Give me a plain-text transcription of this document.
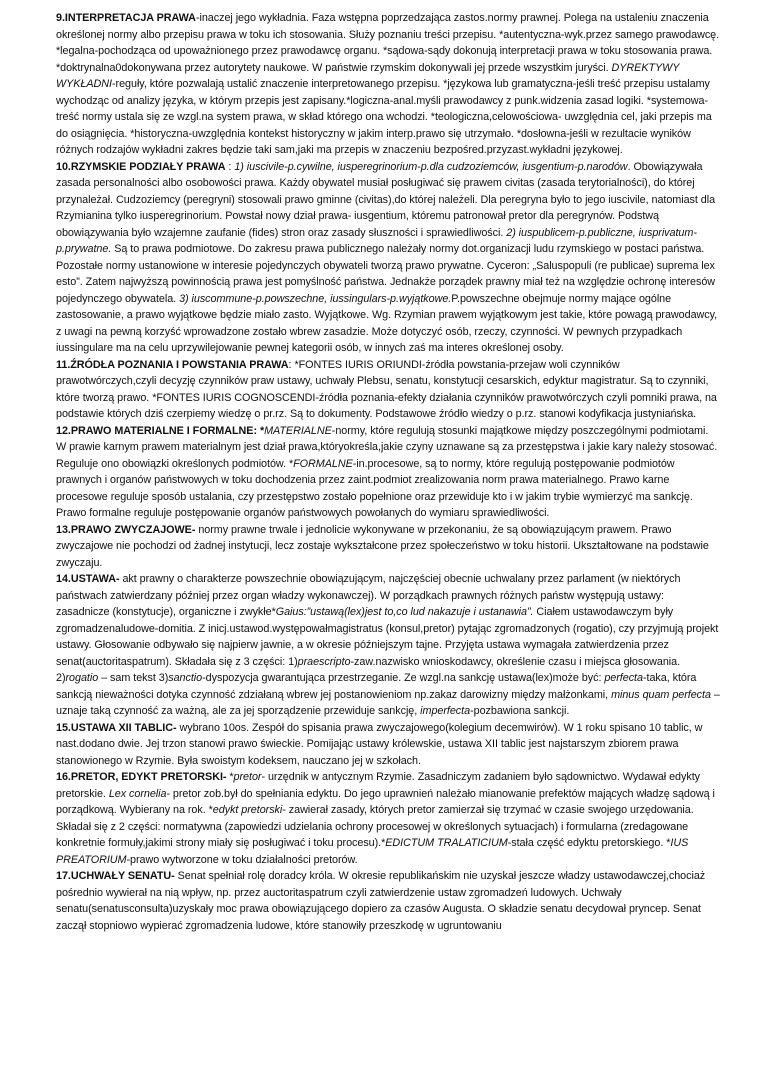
9.INTERPRETACJA PRAWA-inaczej jego wykładnia. Faza wstępna poprzedzająca zastos.normy prawnej. Polega na ustaleniu znaczenia określonej normy albo przepisu prawa w toku ich stosowania. Służy poznaniu treści przepisu. *autentyczna-wyk.przez samego prawodawcę. *legalna-pochodząca od upoważnionego przez prawodawcę organu. *sądowa-sądy dokonują interpretacji prawa w toku stosowania prawa. *doktrynalna0dokonywana przez autorytety naukowe. W państwie rzymskim dokonywali jej przede wszystkim juryści. DYREKTYWY WYKŁADNI-reguły, które pozwalają ustalić znaczenie interpretowanego przepisu. *językowa lub gramatyczna-jeśli treść przepisu ustalamy wychodząc od analizy języka, w którym przepis jest zapisany.*logiczna-anal.myśli prawodawcy z punk.widzenia zasad logiki. *systemowa-treść normy ustala się ze wzgl.na system prawa, w skład którego ona wchodzi. *teologiczna,celowościowa- uwzględnia cel, jaki przepis ma do osiągnięcia. *historyczna-uwzględnia kontekst historyczny w jakim interp.prawo się utrzymało. *dosłowna-jeśli w rezultacie wyników różnych rodzajów wykładni zakres będzie taki sam,jaki ma przepis w znaczeniu bezpośred.przyzast.wykładni językowej.

10.RZYMSKIE PODZIAŁY PRAWA : 1) iuscivile-p.cywilne, iusperegrinorium-p.dla cudzoziemców, iusgentium-p.narodów. Obowiązywała zasada personalności albo osobowości prawa. Każdy obywatel musiał posługiwać się prawem civitas (zasada terytorialności), do której przynależał. Cudzoziemcy (peregryni) stosowali prawo gminne (civitas),do której należeli. Dla peregryna było to jego iuscivile, natomiast dla Rzymianina tylko iusperegrinorium. Powstał nowy dział prawa- iusgentium, któremu patronował pretor dla peregrynów. Podstwą obowiązywania było wzajemne zaufanie (fides) stron oraz zasady słuszności i sprawiedliwości. 2) iuspublicem-p.publiczne, iusprivatum-p.prywatne. Są to prawa podmiotowe. Do zakresu prawa publicznego należały normy dot.organizacji ludu rzymskiego w postaci państwa. Pozostałe normy ustanowione w interesie pojedynczych obywateli tworzą prawo prywatne. Cyceron: „Saluspopuli (re publicae) suprema lex esto”. Zatem najwyższą powinnością prawa jest pomyślność państwa. Jednakże porządek prawny miał też na względzie ochronę interesów pojedynczego obywatela. 3) iuscommune-p.powszechne, iussingulars-p.wyjątkowe.P.powszechne obejmuje normy mające ogólne zastosowanie, a prawo wyjątkowe będzie miało zasto. Wyjątkowe. Wg. Rzymian prawem wyjątkowym jest takie, które powagą prawodawcy, z uwagi na pewną korzyść wprowadzone zostało wbrew zasadzie. Może dotyczyć osób, rzeczy, czynności. W pewnych przypadkach iussingulare ma na celu uprzywilejowanie pewnej kategorii osób, w innych zaś ma interes określonej osoby.

11.ŹRÓDŁA POZNANIA I POWSTANIA PRAWA: *FONTES IURIS ORIUNDI-źródła powstania-przejaw woli czynników prawotwórczych,czyli decyzję czynników praw ustawy, uchwały Plebsu, senatu, konstytucji cesarskich, edyktur magistratur. Są to czynniki, które tworzą prawo. *FONTES IURIS COGNOSCENDI-źródła poznania-efekty działania czynników prawotwórczych czyli pomniki prawa, na podstawie których dziś czerpiemy wiedzę o pr.rz. Są to dokumenty. Podstawowe źródło wiedzy o p.rz. stanowi kodyfikacja justyniańska.

12.PRAWO MATERIALNE I FORMALNE: *MATERIALNE-normy, które regulują stosunki majątkowe między poszczególnymi podmiotami. W prawie karnym prawem materialnym jest dział prawa,któryokreśla,jakie czyny uznawane są za przestępstwa i jakie kary należy stosować. Reguluje ono obowiązki określonych podmiotów. *FORMALNE-in.procesowe, są to normy, które regulują postępowanie podmiotów prawnych i organów państwowych w toku dochodzenia przez zaint.podmiot zrealizowania norm prawa materialnego. Prawo karne procesowe reguluje sposób ustalania, czy przestępstwo zostało popełnione oraz przewiduje kto i w jakim trybie wymierzyć ma sankcję. Prawo formalne reguluje postępowanie organów państwowych powołanych do wymiaru sprawiedliwości.

13.PRAWO ZWYCZAJOWE- normy prawne trwale i jednolicie wykonywane w przekonaniu, że są obowiązującym prawem. Prawo zwyczajowe nie pochodzi od żadnej instytucji, lecz zostaje wykształcone przez społeczeństwo w toku historii. Ukształtowane na podstawie zwyczaju.

14.USTAWA- akt prawny o charakterze powszechnie obowiązującym, najczęściej obecnie uchwalany przez parlament (w niektórych państwach zatwierdzany później przez organ władzy wykonawczej). W porządkach prawnych różnych państw występują ustawy: zasadnicze (konstytucje), organiczne i zwykłe*Gaius:”ustawą(lex)jest to,co lud nakazuje i ustanawia”. Ciałem ustawodawczym były zgromadzenaludowe-domitia. Z inicj.ustawod.występowałmagistratus (konsul,pretor) pytając zgromadzonych (rogatio), czy przyjmują projekt ustawy. Głosowanie odbywało się najpierw jawnie, a w okresie późniejszym tajne. Przyjęta ustawa wymagała zatwierdzenia przez senat(auctoritaspatrum). Składała się z 3 części: 1)praescripto-zaw.nazwisko wnioskodawcy, określenie czasu i miejsca głosowania. 2)rogatio – sam tekst 3)sanctio-dyspozycja gwarantująca przestrzeganie. Ze wzgl.na sankcję ustawa(lex)może być: perfecta-taka, która sankcją nieważności dotyka czynność zdziałaną wbrew jej postanowieniom np.zakaz darowizny między małżonkami, minus quam perfecta – uznaje taką czynność za ważną, ale za jej sporządzenie przewiduje sankcję, imperfecta-pozbawiona sankcji.

15.USTAWA XII TABLIC- wybrano 10os. Zespół do spisania prawa zwyczajowego(kolegium decemwirów). W 1 roku spisano 10 tablic, w nast.dodano dwie. Jej trzon stanowi prawo świeckie. Pomijając ustawy królewskie, ustawa XII tablic jest najstarszym zbiorem prawa stanowionego w Rzymie. Była swoistym kodeksem, nauczano jej w szkołach.

16.PRETOR, EDYKT PRETORSKI- *pretor- urzędnik w antycznym Rzymie. Zasadniczym zadaniem było sądownictwo. Wydawał edykty pretorskie. Lex cornelia- pretor zob.był do spełniania edyktu. Do jego uprawnień należało mianowanie prefektów mających władzę sądową i porządkową. Wybierany na rok. *edykt pretorski- zawierał zasady, których pretor zamierzał się trzymać w czasie swojego urzędowania. Składał się z 2 części: normatywna (zapowiedzi udzielania ochrony procesowej w określonych sytuacjach) i formularna (zredagowane konkretnie formuły,jakimi strony miały się posługiwać i toku procesu).*EDICTUM TRALATICIUM-stała część edyktu pretorskiego. *IUS PREATORIUM-prawo wytworzone w toku działalności pretorów.

17.UCHWAŁY SENATU- Senat spełniał rolę doradcy króla. W okresie republikańskim nie uzyskał jeszcze władzy ustawodawczej,chociaż pośrednio wywierał na nią wpływ, np. przez auctoritaspatrum czyli zatwierdzenie ustaw zgromadzeń ludowych. Uchwały senatu(senatusconsulta)uzyskały moc prawa obowiązującego dopiero za czasów Augusta. O składzie senatu decydował pryncep. Senat zaczął stopniowo wypierać zgromadzenia ludowe, które stanowiły przeszkodę w ugruntowaniu
